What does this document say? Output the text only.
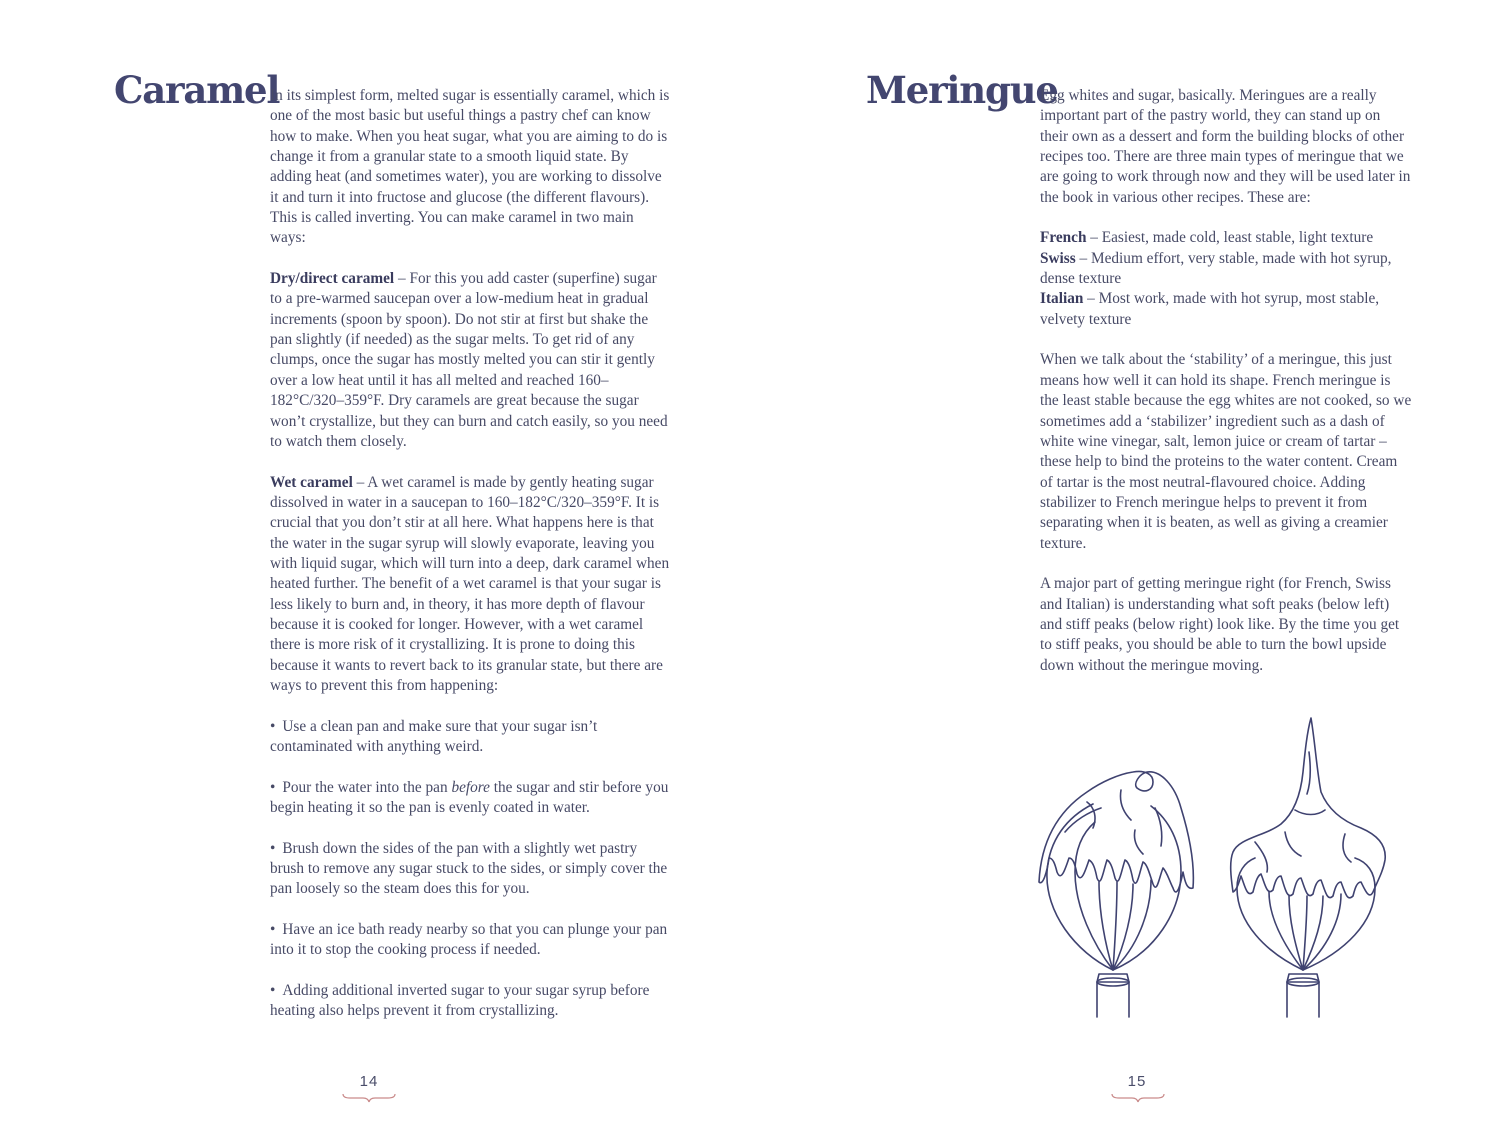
Caramel

In its simplest form, melted sugar is essentially caramel, which is one of the most basic but useful things a pastry chef can know how to make. When you heat sugar, what you are aiming to do is change it from a granular state to a smooth liquid state. By adding heat (and sometimes water), you are working to dissolve it and turn it into fructose and glucose (the different flavours). This is called inverting. You can make caramel in two main ways:

Dry/direct caramel – For this you add caster (superfine) sugar to a pre-warmed saucepan over a low-medium heat in gradual increments (spoon by spoon). Do not stir at first but shake the pan slightly (if needed) as the sugar melts. To get rid of any clumps, once the sugar has mostly melted you can stir it gently over a low heat until it has all melted and reached 160–182°C/320–359°F. Dry caramels are great because the sugar won’t crystallize, but they can burn and catch easily, so you need to watch them closely.

Wet caramel – A wet caramel is made by gently heating sugar dissolved in water in a saucepan to 160–182°C/320–359°F. It is crucial that you don’t stir at all here. What happens here is that the water in the sugar syrup will slowly evaporate, leaving you with liquid sugar, which will turn into a deep, dark caramel when heated further. The benefit of a wet caramel is that your sugar is less likely to burn and, in theory, it has more depth of flavour because it is cooked for longer. However, with a wet caramel there is more risk of it crystallizing. It is prone to doing this because it wants to revert back to its granular state, but there are ways to prevent this from happening:

• Use a clean pan and make sure that your sugar isn’t contaminated with anything weird.
• Pour the water into the pan before the sugar and stir before you begin heating it so the pan is evenly coated in water.
• Brush down the sides of the pan with a slightly wet pastry brush to remove any sugar stuck to the sides, or simply cover the pan loosely so the steam does this for you.
• Have an ice bath ready nearby so that you can plunge your pan into it to stop the cooking process if needed.
• Adding additional inverted sugar to your sugar syrup before heating also helps prevent it from crystallizing.
14
Meringue

Egg whites and sugar, basically. Meringues are a really important part of the pastry world, they can stand up on their own as a dessert and form the building blocks of other recipes too. There are three main types of meringue that we are going to work through now and they will be used later in the book in various other recipes. These are:

French – Easiest, made cold, least stable, light texture
Swiss – Medium effort, very stable, made with hot syrup, dense texture
Italian – Most work, made with hot syrup, most stable, velvety texture

When we talk about the ‘stability’ of a meringue, this just means how well it can hold its shape. French meringue is the least stable because the egg whites are not cooked, so we sometimes add a ‘stabilizer’ ingredient such as a dash of white wine vinegar, salt, lemon juice or cream of tartar – these help to bind the proteins to the water content. Cream of tartar is the most neutral-flavoured choice. Adding stabilizer to French meringue helps to prevent it from separating when it is beaten, as well as giving a creamier texture.

A major part of getting meringue right (for French, Swiss and Italian) is understanding what soft peaks (below left) and stiff peaks (below right) look like. By the time you get to stiff peaks, you should be able to turn the bowl upside down without the meringue moving.

15
